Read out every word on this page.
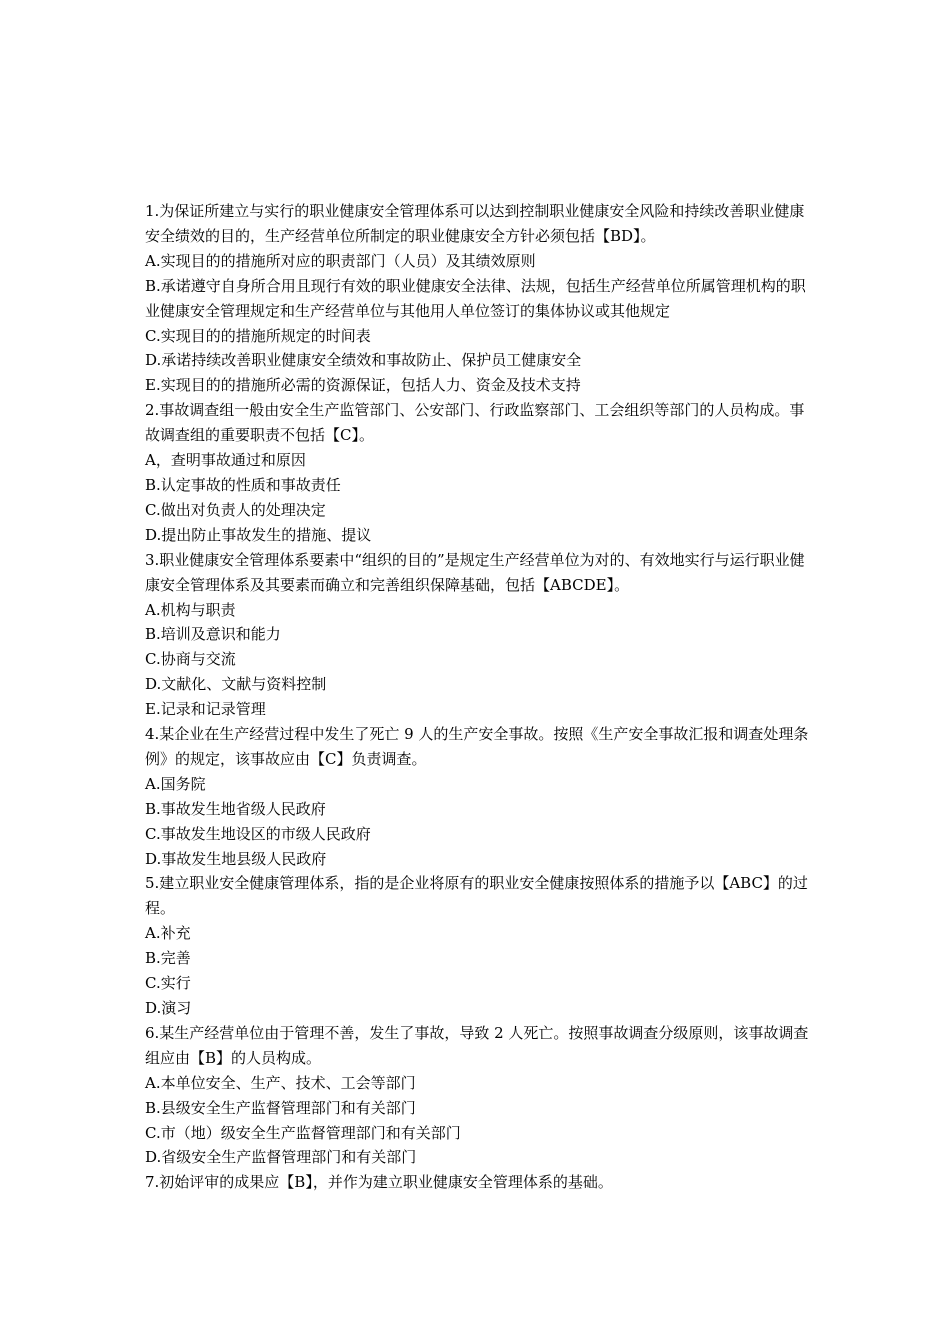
1.为保证所建立与实行的职业健康安全管理体系可以达到控制职业健康安全风险和持续改善职业健康安全绩效的目的，生产经营单位所制定的职业健康安全方针必须包括【BD】。

A.实现目的的措施所对应的职责部门（人员）及其绩效原则

B.承诺遵守自身所合用且现行有效的职业健康安全法律、法规，包括生产经营单位所属管理机构的职业健康安全管理规定和生产经营单位与其他用人单位签订的集体协议或其他规定

C.实现目的的措施所规定的时间表

D.承诺持续改善职业健康安全绩效和事故防止、保护员工健康安全

E.实现目的的措施所必需的资源保证，包括人力、资金及技术支持

2.事故调查组一般由安全生产监管部门、公安部门、行政监察部门、工会组织等部门的人员构成。事故调查组的重要职责不包括【C】。

A，查明事故通过和原因

B.认定事故的性质和事故责任

C.做出对负责人的处理决定

D.提出防止事故发生的措施、提议

3.职业健康安全管理体系要素中“组织的目的”是规定生产经营单位为对的、有效地实行与运行职业健康安全管理体系及其要素而确立和完善组织保障基础，包括【ABCDE】。

A.机构与职责

B.培训及意识和能力

C.协商与交流

D.文献化、文献与资料控制

E.记录和记录管理

4.某企业在生产经营过程中发生了死亡 9 人的生产安全事故。按照《生产安全事故汇报和调查处理条例》的规定，该事故应由【C】负责调查。

A.国务院

B.事故发生地省级人民政府

C.事故发生地设区的市级人民政府

D.事故发生地县级人民政府

5.建立职业安全健康管理体系，指的是企业将原有的职业安全健康按照体系的措施予以【ABC】的过程。

A.补充

B.完善

C.实行

D.演习

6.某生产经营单位由于管理不善，发生了事故，导致 2 人死亡。按照事故调查分级原则，该事故调查组应由【B】的人员构成。

A.本单位安全、生产、技术、工会等部门

B.县级安全生产监督管理部门和有关部门

C.市（地）级安全生产监督管理部门和有关部门

D.省级安全生产监督管理部门和有关部门

7.初始评审的成果应【B】，并作为建立职业健康安全管理体系的基础。
